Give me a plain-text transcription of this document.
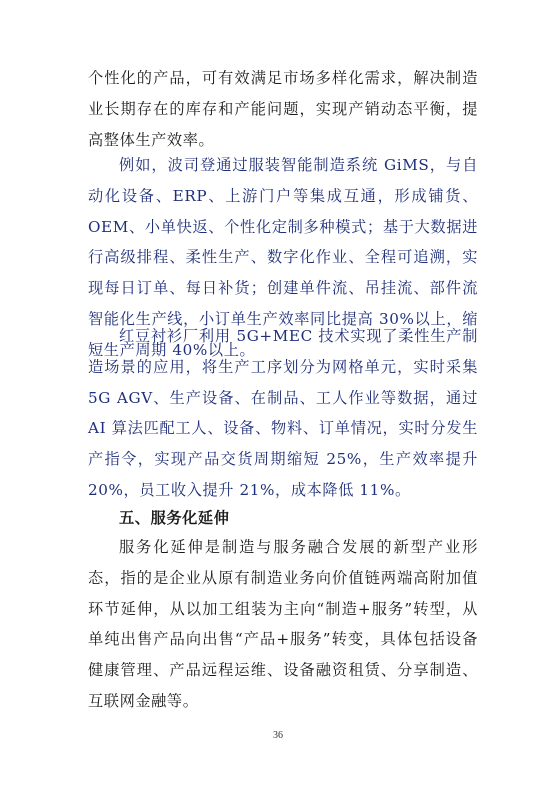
个性化的产品，可有效满足市场多样化需求，解决制造业长期存在的库存和产能问题，实现产销动态平衡，提高整体生产效率。

例如，波司登通过服装智能制造系统 GiMS，与自动化设备、ERP、上游门户等集成互通，形成铺货、OEM、小单快返、个性化定制多种模式；基于大数据进行高级排程、柔性生产、数字化作业、全程可追溯，实现每日订单、每日补货；创建单件流、吊挂流、部件流智能化生产线，小订单生产效率同比提高 30%以上，缩短生产周期 40%以上。

红豆衬衫厂利用 5G+MEC 技术实现了柔性生产制造场景的应用，将生产工序划分为网格单元，实时采集 5G AGV、生产设备、在制品、工人作业等数据，通过 AI 算法匹配工人、设备、物料、订单情况，实时分发生产指令，实现产品交货周期缩短 25%，生产效率提升 20%，员工收入提升 21%，成本降低 11%。

五、服务化延伸

服务化延伸是制造与服务融合发展的新型产业形态，指的是企业从原有制造业务向价值链两端高附加值环节延伸，从以加工组装为主向“制造+服务”转型，从单纯出售产品向出售“产品+服务”转变，具体包括设备健康管理、产品远程运维、设备融资租赁、分享制造、互联网金融等。

36
